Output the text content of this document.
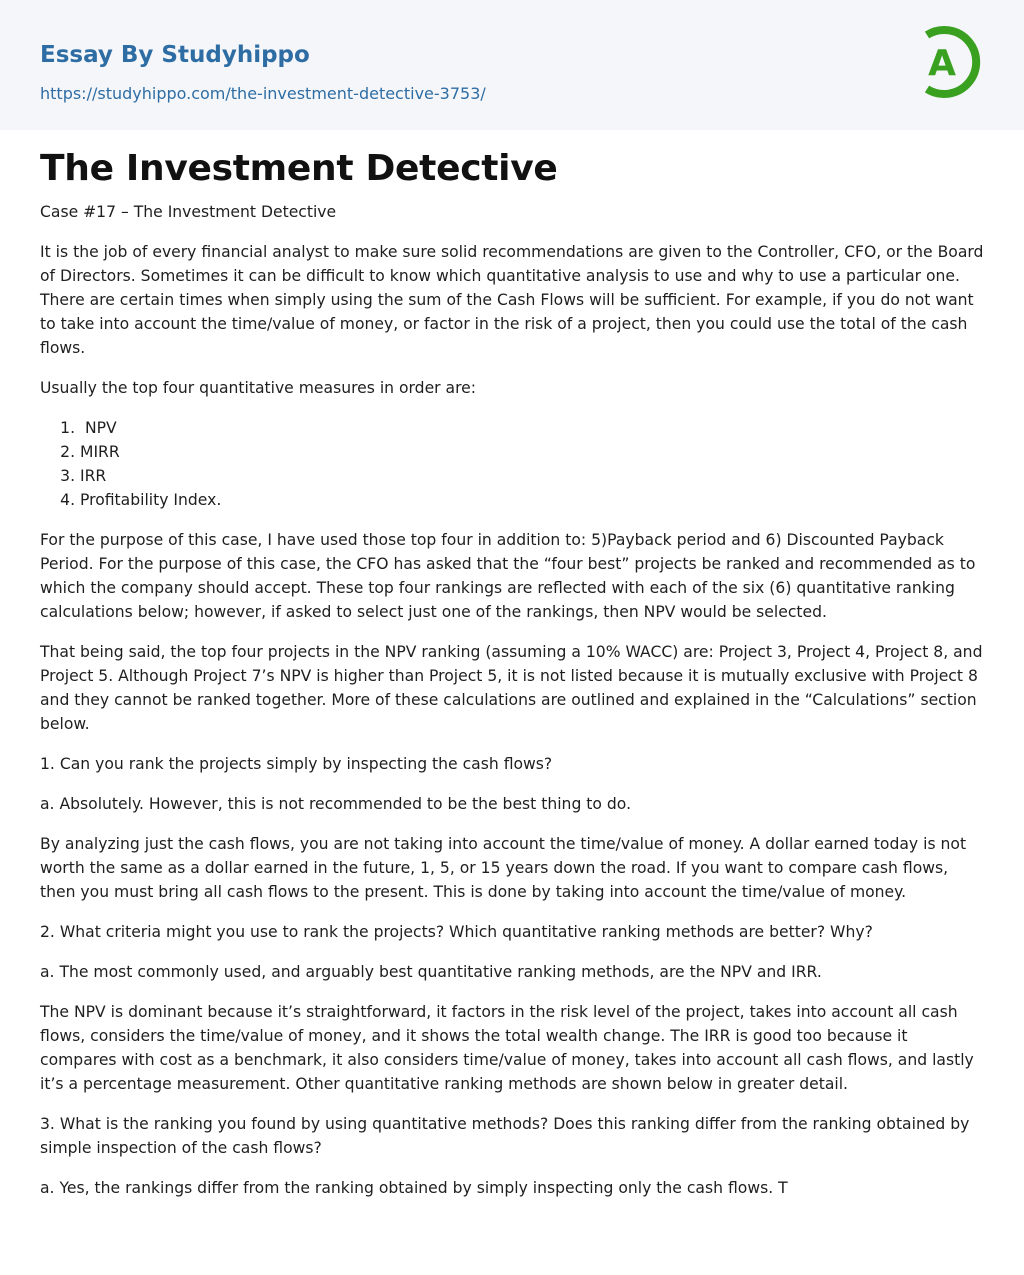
Essay By Studyhippo
https://studyhippo.com/the-investment-detective-3753/
A
The Investment Detective
Case #17 – The Investment Detective

It is the job of every financial analyst to make sure solid recommendations are given to the Controller, CFO, or the Board of Directors. Sometimes it can be difficult to know which quantitative analysis to use and why to use a particular one. There are certain times when simply using the sum of the Cash Flows will be sufficient. For example, if you do not want to take into account the time/value of money, or factor in the risk of a project, then you could use the total of the cash flows.

Usually the top four quantitative measures in order are:

1.  NPV
2. MIRR
3. IRR
4. Profitability Index.

For the purpose of this case, I have used those top four in addition to: 5)Payback period and 6) Discounted Payback Period. For the purpose of this case, the CFO has asked that the “four best” projects be ranked and recommended as to which the company should accept. These top four rankings are reflected with each of the six (6) quantitative ranking calculations below; however, if asked to select just one of the rankings, then NPV would be selected.

That being said, the top four projects in the NPV ranking (assuming a 10% WACC) are: Project 3, Project 4, Project 8, and Project 5. Although Project 7’s NPV is higher than Project 5, it is not listed because it is mutually exclusive with Project 8 and they cannot be ranked together. More of these calculations are outlined and explained in the “Calculations” section below.

1. Can you rank the projects simply by inspecting the cash flows?

a. Absolutely. However, this is not recommended to be the best thing to do.

By analyzing just the cash flows, you are not taking into account the time/value of money. A dollar earned today is not worth the same as a dollar earned in the future, 1, 5, or 15 years down the road. If you want to compare cash flows, then you must bring all cash flows to the present. This is done by taking into account the time/value of money.

2. What criteria might you use to rank the projects? Which quantitative ranking methods are better? Why?

a. The most commonly used, and arguably best quantitative ranking methods, are the NPV and IRR.

The NPV is dominant because it’s straightforward, it factors in the risk level of the project, takes into account all cash flows, considers the time/value of money, and it shows the total wealth change. The IRR is good too because it compares with cost as a benchmark, it also considers time/value of money, takes into account all cash flows, and lastly it’s a percentage measurement. Other quantitative ranking methods are shown below in greater detail.

3. What is the ranking you found by using quantitative methods? Does this ranking differ from the ranking obtained by simple inspection of the cash flows?

a. Yes, the rankings differ from the ranking obtained by simply inspecting only the cash flows. T
